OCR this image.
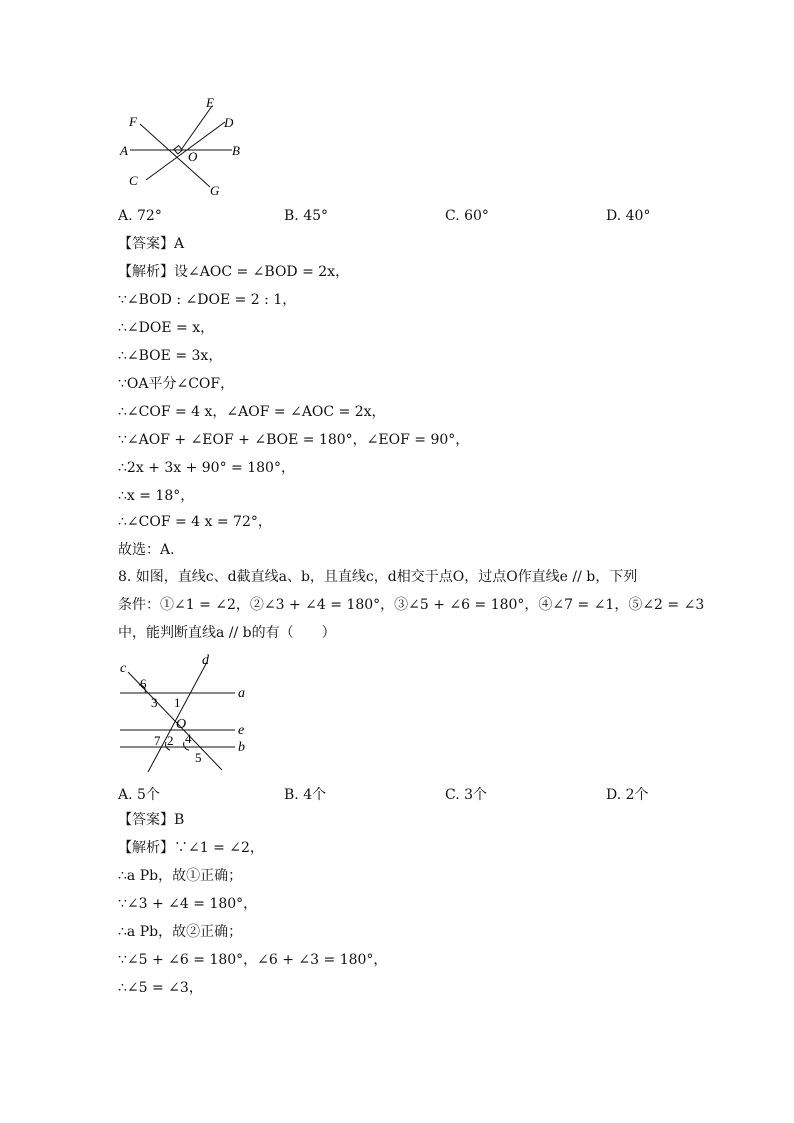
E
F	D
A	B
O
C
G
A. 72°	B. 45°	C. 60°	D. 40°
【答案】A
【解析】设∠AOC = ∠BOD = 2x，
∵∠BOD : ∠DOE = 2 : 1，
∴∠DOE = x，
∴∠BOE = 3x，
∵OA平分∠COF，
∴∠COF = 4 x，∠AOF = ∠AOC = 2x，
∵∠AOF + ∠EOF + ∠BOE = 180°，∠EOF = 90°，
∴2x + 3x + 90° = 180°，
∴x = 18°，
∴∠COF = 4 x = 72°，
故选：A．
8. 如图，直线c、d截直线a、b，且直线c，d相交于点O，过点O作直线e // b，下列
条件：①∠1 = ∠2，②∠3 + ∠4 = 180°，③∠5 + ∠6 = 180°，④∠7 = ∠1，⑤∠2 = ∠3
中，能判断直线a // b的有（　　）
c
d
6
a
3 1
O	e
7 2 4
b
5
A. 5个	B. 4个	C. 3个	D. 2个
【答案】B
【解析】∵∠1 = ∠2，
∴a Pb，故①正确；
∵∠3 + ∠4 = 180°，
∴a Pb，故②正确；
∵∠5 + ∠6 = 180°，∠6 + ∠3 = 180°，
∴∠5 = ∠3，
